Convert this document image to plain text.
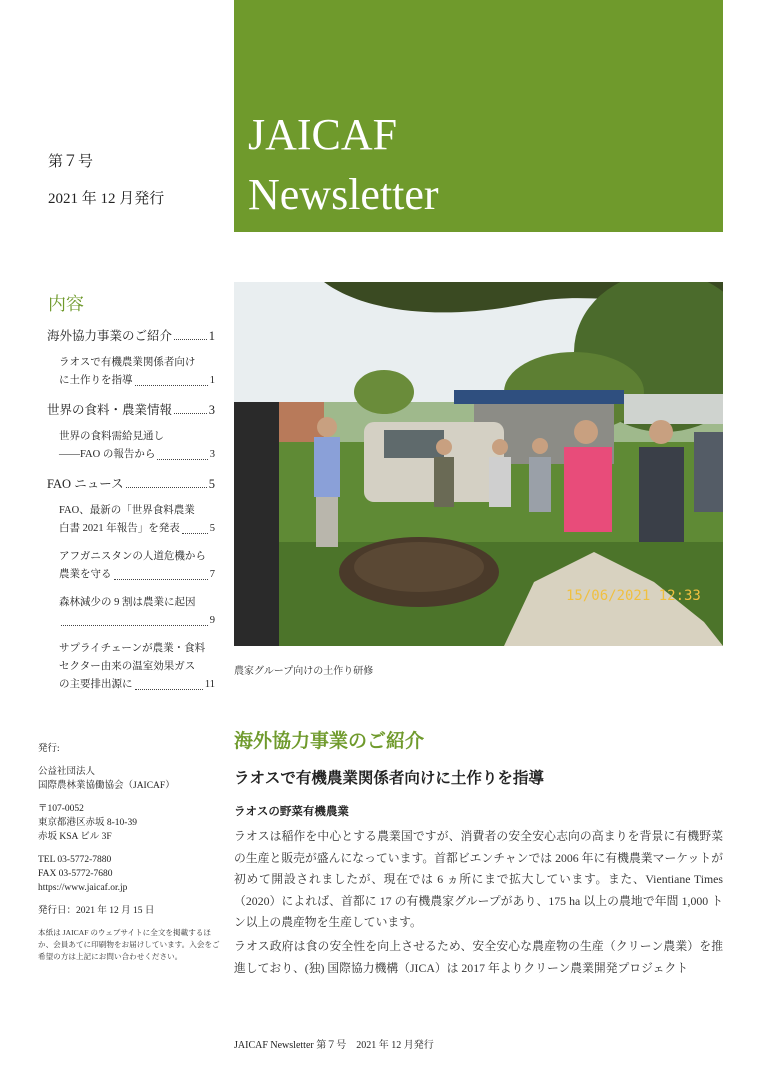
第７号
2021 年 12 月発行
JAICAF
Newsletter
内容
海外協力事業のご紹介	1
ラオスで有機農業関係者向け
に土作りを指導	1
世界の食料・農業情報	3
世界の食料需給見通し
――FAO の報告から	3
FAO ニュース	5
FAO、最新の「世界食料農業
白書 2021 年報告」を発表	5
アフガニスタンの人道危機から
農業を守る	7
森林減少の 9 割は農業に起因
9
サプライチェーンが農業・食料
セクター由来の温室効果ガス
の主要排出源に	11
15/06/2021 12:33
農家グループ向けの土作り研修

発行:

公益社団法人

国際農林業協働協会（JAICAF）

〒107-0052
東京都港区赤坂 8-10-39

赤坂 KSA ビル 3F

TEL 03-5772-7880
FAX 03-5772-7680

https://www.jaicaf.or.jp

発行日：2021 年 12 月 15 日

本紙は JAICAF のウェブサイトに全文を掲載するほか、会員あてに印刷物をお届けしています。入会をご希望の方は上記にお問い合わせください。
海外協力事業のご紹介
ラオスで有機農業関係者向けに土作りを指導
ラオスの野菜有機農業
ラオスは稲作を中心とする農業国ですが、消費者の安全安心志向の高まりを背景に有機野菜の生産と販売が盛んになっています。首都ビエンチャンでは 2006 年に有機農業マーケットが初めて開設されましたが、現在では 6 ヵ所にまで拡大しています。また、Vientiane Times（2020）によれば、首都に 17 の有機農家グループがあり、175 ha 以上の農地で年間 1,000 トン以上の農産物を生産しています。
ラオス政府は食の安全性を向上させるため、安全安心な農産物の生産（クリーン農業）を推進しており、(独) 国際協力機構（JICA）は 2017 年よりクリーン農業開発プロジェクト
JAICAF Newsletter 第７号　2021 年 12 月発行
